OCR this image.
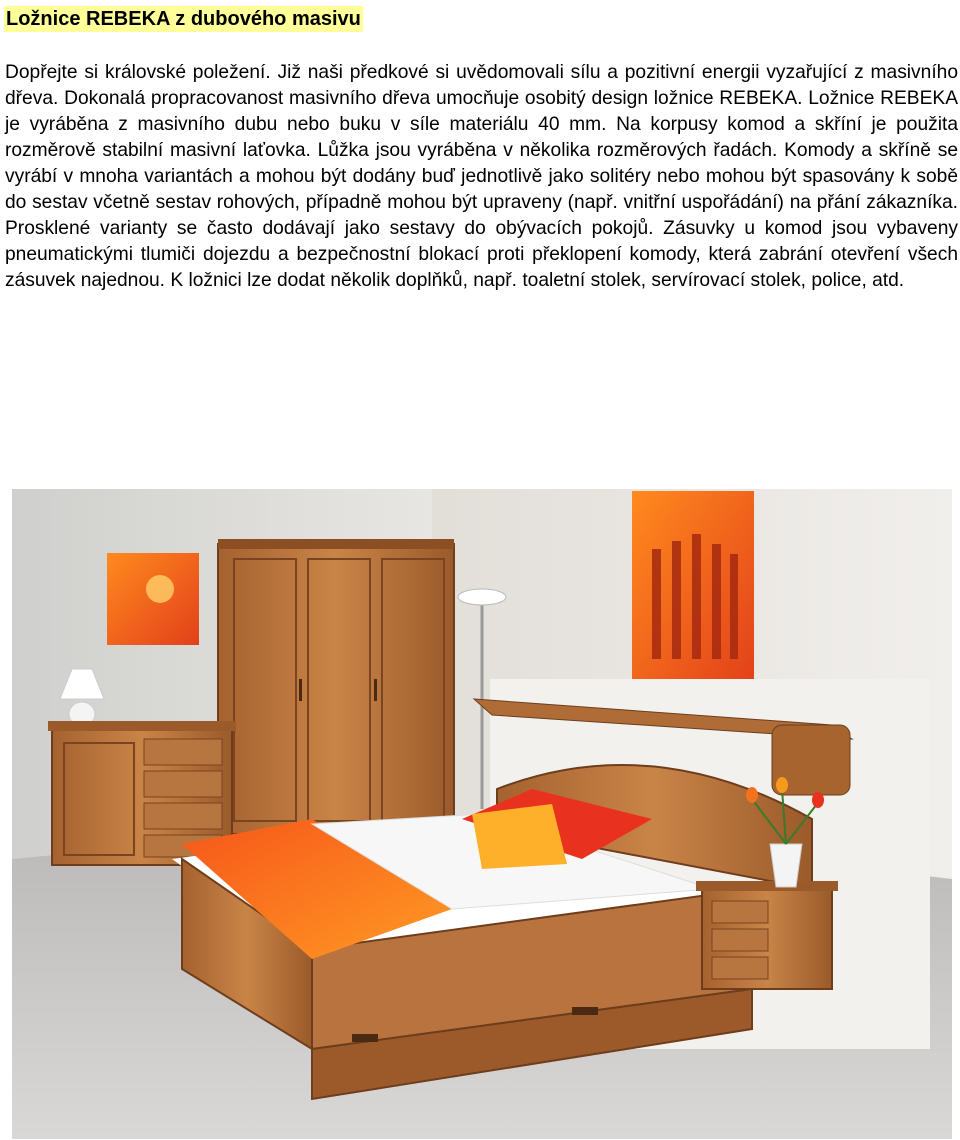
Ložnice REBEKA z dubového masivu

Dopřejte si královské poležení. Již naši předkové si uvědomovali sílu a pozitivní energii vyzařující z masivního dřeva. Dokonalá propracovanost masivního dřeva umocňuje osobitý design ložnice REBEKA. Ložnice REBEKA je vyráběna z masivního dubu nebo buku v síle materiálu 40 mm. Na korpusy komod a skříní je použita rozměrově stabilní masivní laťovka. Lůžka jsou vyráběna v několika rozměrových řadách. Komody a skříně se vyrábí v mnoha variantách a mohou být dodány buď jednotlivě jako solitéry nebo mohou být spasovány k sobě do sestav včetně sestav rohových, případně mohou být upraveny (např. vnitřní uspořádání) na přání zákazníka. Prosklené varianty se často dodávají jako sestavy do obývacích pokojů. Zásuvky u komod jsou vybaveny pneumatickými tlumiči dojezdu a bezpečnostní blokací proti překlopení komody, která zabrání otevření všech zásuvek najednou. K ložnici lze dodat několik doplňků, např. toaletní stolek, servírovací stolek, police, atd.
